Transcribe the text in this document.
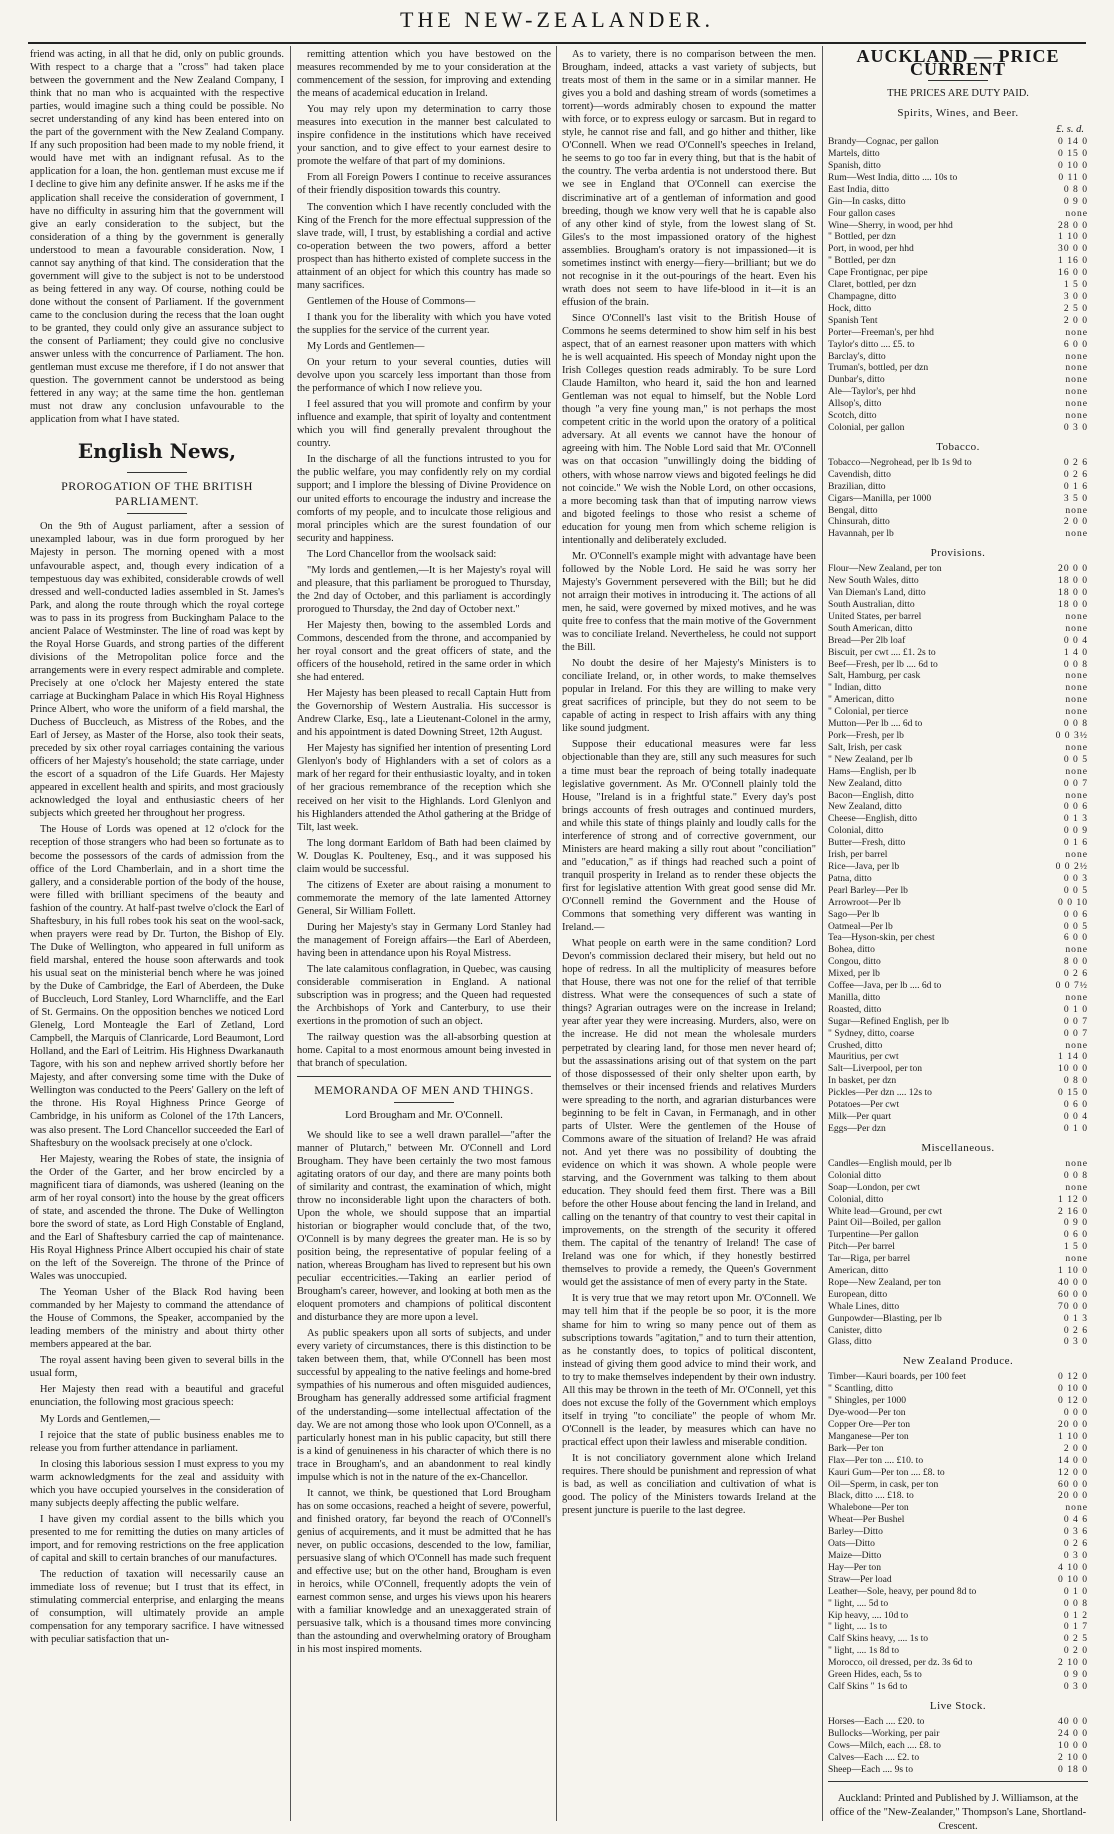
THE NEW-ZEALANDER.

friend was acting, in all that he did, only on public grounds. With respect to a charge that a "cross" had taken place between the government and the New Zealand Company, I think that no man who is acquainted with the respective parties, would imagine such a thing could be possible. No secret understanding of any kind has been entered into on the part of the government with the New Zealand Company. If any such proposition had been made to my noble friend, it would have met with an indignant refusal. As to the application for a loan, the hon. gentleman must excuse me if I decline to give him any definite answer. If he asks me if the application shall receive the consideration of government, I have no difficulty in assuring him that the government will give an early consideration to the subject, but the consideration of a thing by the government is generally understood to mean a favourable consideration. Now, I cannot say anything of that kind. The consideration that the government will give to the subject is not to be understood as being fettered in any way. Of course, nothing could be done without the consent of Parliament. If the government came to the conclusion during the recess that the loan ought to be granted, they could only give an assurance subject to the consent of Parliament; they could give no conclusive answer unless with the concurrence of Parliament. The hon. gentleman must excuse me therefore, if I do not answer that question. The government cannot be understood as being fettered in any way; at the same time the hon. gentleman must not draw any conclusion unfavourable to the application from what I have stated.

English News,
PROROGATION OF THE BRITISH PARLIAMENT.

On the 9th of August parliament, after a session of unexampled labour, was in due form prorogued by her Majesty in person. The morning opened with a most unfavourable aspect, and, though every indication of a tempestuous day was exhibited, considerable crowds of well dressed and well-conducted ladies assembled in St. James's Park, and along the route through which the royal cortege was to pass in its progress from Buckingham Palace to the ancient Palace of Westminster. The line of road was kept by the Royal Horse Guards, and strong parties of the different divisions of the Metropolitan police force and the arrangements were in every respect admirable and complete. Precisely at one o'clock her Majesty entered the state carriage at Buckingham Palace in which His Royal Highness Prince Albert, who wore the uniform of a field marshal, the Duchess of Buccleuch, as Mistress of the Robes, and the Earl of Jersey, as Master of the Horse, also took their seats, preceded by six other royal carriages containing the various officers of her Majesty's household; the state carriage, under the escort of a squadron of the Life Guards. Her Majesty appeared in excellent health and spirits, and most graciously acknowledged the loyal and enthusiastic cheers of her subjects which greeted her throughout her progress.

The House of Lords was opened at 12 o'clock for the reception of those strangers who had been so fortunate as to become the possessors of the cards of admission from the office of the Lord Chamberlain, and in a short time the gallery, and a considerable portion of the body of the house, were filled with brilliant specimens of the beauty and fashion of the country. At half-past twelve o'clock the Earl of Shaftesbury, in his full robes took his seat on the wool-sack, when prayers were read by Dr. Turton, the Bishop of Ely. The Duke of Wellington, who appeared in full uniform as field marshal, entered the house soon afterwards and took his usual seat on the ministerial bench where he was joined by the Duke of Cambridge, the Earl of Aberdeen, the Duke of Buccleuch, Lord Stanley, Lord Wharncliffe, and the Earl of St. Germains. On the opposition benches we noticed Lord Glenelg, Lord Monteagle the Earl of Zetland, Lord Campbell, the Marquis of Clanricarde, Lord Beaumont, Lord Holland, and the Earl of Leitrim. His Highness Dwarkanauth Tagore, with his son and nephew arrived shortly before her Majesty, and after conversing some time with the Duke of Wellington was conducted to the Peers' Gallery on the left of the throne. His Royal Highness Prince George of Cambridge, in his uniform as Colonel of the 17th Lancers, was also present. The Lord Chancellor succeeded the Earl of Shaftesbury on the woolsack precisely at one o'clock.

Her Majesty, wearing the Robes of state, the insignia of the Order of the Garter, and her brow encircled by a magnificent tiara of diamonds, was ushered (leaning on the arm of her royal consort) into the house by the great officers of state, and ascended the throne. The Duke of Wellington bore the sword of state, as Lord High Constable of England, and the Earl of Shaftesbury carried the cap of maintenance. His Royal Highness Prince Albert occupied his chair of state on the left of the Sovereign. The throne of the Prince of Wales was unoccupied.

The Yeoman Usher of the Black Rod having been commanded by her Majesty to command the attendance of the House of Commons, the Speaker, accompanied by the leading members of the ministry and about thirty other members appeared at the bar.

The royal assent having been given to several bills in the usual form,

Her Majesty then read with a beautiful and graceful enunciation, the following most gracious speech:

My Lords and Gentlemen,—

I rejoice that the state of public business enables me to release you from further attendance in parliament.

In closing this laborious session I must express to you my warm acknowledgments for the zeal and assiduity with which you have occupied yourselves in the consideration of many subjects deeply affecting the public welfare.

I have given my cordial assent to the bills which you presented to me for remitting the duties on many articles of import, and for removing restrictions on the free application of capital and skill to certain branches of our manufactures.

The reduction of taxation will necessarily cause an immediate loss of revenue; but I trust that its effect, in stimulating commercial enterprise, and enlarging the means of consumption, will ultimately provide an ample compensation for any temporary sacrifice. I have witnessed with peculiar satisfaction that un-

remitting attention which you have bestowed on the measures recommended by me to your consideration at the commencement of the session, for improving and extending the means of academical education in Ireland.

You may rely upon my determination to carry those measures into execution in the manner best calculated to inspire confidence in the institutions which have received your sanction, and to give effect to your earnest desire to promote the welfare of that part of my dominions.

From all Foreign Powers I continue to receive assurances of their friendly disposition towards this country.

The convention which I have recently concluded with the King of the French for the more effectual suppression of the slave trade, will, I trust, by establishing a cordial and active co-operation between the two powers, afford a better prospect than has hitherto existed of complete success in the attainment of an object for which this country has made so many sacrifices.

Gentlemen of the House of Commons—

I thank you for the liberality with which you have voted the supplies for the service of the current year.

My Lords and Gentlemen—

On your return to your several counties, duties will devolve upon you scarcely less important than those from the performance of which I now relieve you.

I feel assured that you will promote and confirm by your influence and example, that spirit of loyalty and contentment which you will find generally prevalent throughout the country.

In the discharge of all the functions intrusted to you for the public welfare, you may confidently rely on my cordial support; and I implore the blessing of Divine Providence on our united efforts to encourage the industry and increase the comforts of my people, and to inculcate those religious and moral principles which are the surest foundation of our security and happiness.

The Lord Chancellor from the woolsack said:

"My lords and gentlemen,—It is her Majesty's royal will and pleasure, that this parliament be prorogued to Thursday, the 2nd day of October, and this parliament is accordingly prorogued to Thursday, the 2nd day of October next."

Her Majesty then, bowing to the assembled Lords and Commons, descended from the throne, and accompanied by her royal consort and the great officers of state, and the officers of the household, retired in the same order in which she had entered.

Her Majesty has been pleased to recall Captain Hutt from the Governorship of Western Australia. His successor is Andrew Clarke, Esq., late a Lieutenant-Colonel in the army, and his appointment is dated Downing Street, 12th August.

Her Majesty has signified her intention of presenting Lord Glenlyon's body of Highlanders with a set of colors as a mark of her regard for their enthusiastic loyalty, and in token of her gracious remembrance of the reception which she received on her visit to the Highlands. Lord Glenlyon and his Highlanders attended the Athol gathering at the Bridge of Tilt, last week.

The long dormant Earldom of Bath had been claimed by W. Douglas K. Poulteney, Esq., and it was supposed his claim would be successful.

The citizens of Exeter are about raising a monument to commemorate the memory of the late lamented Attorney General, Sir William Follett.

During her Majesty's stay in Germany Lord Stanley had the management of Foreign affairs—the Earl of Aberdeen, having been in attendance upon his Royal Mistress.

The late calamitous conflagration, in Quebec, was causing considerable commiseration in England. A national subscription was in progress; and the Queen had requested the Archbishops of York and Canterbury, to use their exertions in the promotion of such an object.

The railway question was the all-absorbing question at home. Capital to a most enormous amount being invested in that branch of speculation.

MEMORANDA OF MEN AND THINGS.
Lord Brougham and Mr. O'Connell.

We should like to see a well drawn parallel—"after the manner of Plutarch," between Mr. O'Connell and Lord Brougham. They have been certainly the two most famous agitating orators of our day, and there are many points both of similarity and contrast, the examination of which, might throw no inconsiderable light upon the characters of both. Upon the whole, we should suppose that an impartial historian or biographer would conclude that, of the two, O'Connell is by many degrees the greater man. He is so by position being, the representative of popular feeling of a nation, whereas Brougham has lived to represent but his own peculiar eccentricities.—Taking an earlier period of Brougham's career, however, and looking at both men as the eloquent promoters and champions of political discontent and disturbance they are more upon a level.

As public speakers upon all sorts of subjects, and under every variety of circumstances, there is this distinction to be taken between them, that, while O'Connell has been most successful by appealing to the native feelings and home-bred sympathies of his numerous and often misguided audiences, Brougham has generally addressed some artificial fragment of the understanding—some intellectual affectation of the day. We are not among those who look upon O'Connell, as a particularly honest man in his public capacity, but still there is a kind of genuineness in his character of which there is no trace in Brougham's, and an abandonment to real kindly impulse which is not in the nature of the ex-Chancellor.

It cannot, we think, be questioned that Lord Brougham has on some occasions, reached a height of severe, powerful, and finished oratory, far beyond the reach of O'Connell's genius of acquirements, and it must be admitted that he has never, on public occasions, descended to the low, familiar, persuasive slang of which O'Connell has made such frequent and effective use; but on the other hand, Brougham is even in heroics, while O'Connell, frequently adopts the vein of earnest common sense, and urges his views upon his hearers with a familiar knowledge and an unexaggerated strain of persuasive talk, which is a thousand times more convincing than the astounding and overwhelming oratory of Brougham in his most inspired moments.

As to variety, there is no comparison between the men. Brougham, indeed, attacks a vast variety of subjects, but treats most of them in the same or in a similar manner. He gives you a bold and dashing stream of words (sometimes a torrent)—words admirably chosen to expound the matter with force, or to express eulogy or sarcasm. But in regard to style, he cannot rise and fall, and go hither and thither, like O'Connell. When we read O'Connell's speeches in Ireland, he seems to go too far in every thing, but that is the habit of the country. The verba ardentia is not understood there. But we see in England that O'Connell can exercise the discriminative art of a gentleman of information and good breeding, though we know very well that he is capable also of any other kind of style, from the lowest slang of St. Giles's to the most impassioned oratory of the highest assemblies. Brougham's oratory is not impassioned—it is sometimes instinct with energy—fiery—brilliant; but we do not recognise in it the out-pourings of the heart. Even his wrath does not seem to have life-blood in it—it is an effusion of the brain.

Since O'Connell's last visit to the British House of Commons he seems determined to show him self in his best aspect, that of an earnest reasoner upon matters with which he is well acquainted. His speech of Monday night upon the Irish Colleges question reads admirably. To be sure Lord Claude Hamilton, who heard it, said the hon and learned Gentleman was not equal to himself, but the Noble Lord though "a very fine young man," is not perhaps the most competent critic in the world upon the oratory of a political adversary. At all events we cannot have the honour of agreeing with him. The Noble Lord said that Mr. O'Connell was on that occasion "unwillingly doing the bidding of others, with whose narrow views and bigoted feelings he did not coincide." We wish the Noble Lord, on other occasions, a more becoming task than that of imputing narrow views and bigoted feelings to those who resist a scheme of education for young men from which scheme religion is intentionally and deliberately excluded.

Mr. O'Connell's example might with advantage have been followed by the Noble Lord. He said he was sorry her Majesty's Government persevered with the Bill; but he did not arraign their motives in introducing it. The actions of all men, he said, were governed by mixed motives, and he was quite free to confess that the main motive of the Government was to conciliate Ireland. Nevertheless, he could not support the Bill.

No doubt the desire of her Majesty's Ministers is to conciliate Ireland, or, in other words, to make themselves popular in Ireland. For this they are willing to make very great sacrifices of principle, but they do not seem to be capable of acting in respect to Irish affairs with any thing like sound judgment.

Suppose their educational measures were far less objectionable than they are, still any such measures for such a time must bear the reproach of being totally inadequate legislative government. As Mr. O'Connell plainly told the House, "Ireland is in a frightful state." Every day's post brings accounts of fresh outrages and continued murders, and while this state of things plainly and loudly calls for the interference of strong and of corrective government, our Ministers are heard making a silly rout about "conciliation" and "education," as if things had reached such a point of tranquil prosperity in Ireland as to render these objects the first for legislative attention With great good sense did Mr. O'Connell remind the Government and the House of Commons that something very different was wanting in Ireland.—

What people on earth were in the same condition? Lord Devon's commission declared their misery, but held out no hope of redress. In all the multiplicity of measures before that House, there was not one for the relief of that terrible distress. What were the consequences of such a state of things? Agrarian outrages were on the increase in Ireland; year after year they were increasing. Murders, also, were on the increase. He did not mean the wholesale murders perpetrated by clearing land, for those men never heard of; but the assassinations arising out of that system on the part of those dispossessed of their only shelter upon earth, by themselves or their incensed friends and relatives Murders were spreading to the north, and agrarian disturbances were beginning to be felt in Cavan, in Fermanagh, and in other parts of Ulster. Were the gentlemen of the House of Commons aware of the situation of Ireland? He was afraid not. And yet there was no possibility of doubting the evidence on which it was shown. A whole people were starving, and the Government was talking to them about education. They should feed them first. There was a Bill before the other House about fencing the land in Ireland, and calling on the tenantry of that country to vest their capital in improvements, on the strength of the security it offered them. The capital of the tenantry of Ireland! The case of Ireland was one for which, if they honestly bestirred themselves to provide a remedy, the Queen's Government would get the assistance of men of every party in the State.

It is very true that we may retort upon Mr. O'Connell. We may tell him that if the people be so poor, it is the more shame for him to wring so many pence out of them as subscriptions towards "agitation," and to turn their attention, as he constantly does, to topics of political discontent, instead of giving them good advice to mind their work, and to try to make themselves independent by their own industry. All this may be thrown in the teeth of Mr. O'Connell, yet this does not excuse the folly of the Government which employs itself in trying "to conciliate" the people of whom Mr. O'Connell is the leader, by measures which can have no practical effect upon their lawless and miserable condition.

It is not conciliatory government alone which Ireland requires. There should be punishment and repression of what is bad, as well as conciliation and cultivation of what is good. The policy of the Ministers towards Ireland at the present juncture is puerile to the last degree.

AUCKLAND — PRICE CURRENT
THE PRICES ARE DUTY PAID.
Spirits, Wines, and Beer.
£. s. d.
Brandy—Cognac, per gallon	0 14 0
Martels, ditto	0 15 0
Spanish, ditto	0 10 0
Rum—West India, ditto .... 10s to	0 11 0
East India, ditto	0 8 0
Gin—In casks, ditto	0 9 0
Four gallon cases	none
Wine—Sherry, in wood, per hhd	28 0 0
" Bottled, per dzn	1 10 0
Port, in wood, per hhd	30 0 0
" Bottled, per dzn	1 16 0
Cape Frontignac, per pipe	16 0 0
Claret, bottled, per dzn	1 5 0
Champagne, ditto	3 0 0
Hock, ditto	2 5 0
Spanish Tent	2 0 0
Porter—Freeman's, per hhd	none
Taylor's ditto .... £5. to	6 0 0
Barclay's, ditto	none
Truman's, bottled, per dzn	none
Dunbar's, ditto	none
Ale—Taylor's, per hhd	none
Allsop's, ditto	none
Scotch, ditto	none
Colonial, per gallon	0 3 0
Tobacco.
Tobacco—Negrohead, per lb 1s 9d to	0 2 6
Cavendish, ditto	0 2 6
Brazilian, ditto	0 1 6
Cigars—Manilla, per 1000	3 5 0
Bengal, ditto	none
Chinsurah, ditto	2 0 0
Havannah, per lb	none
Provisions.
Flour—New Zealand, per ton	20 0 0
New South Wales, ditto	18 0 0
Van Dieman's Land, ditto	18 0 0
South Australian, ditto	18 0 0
United States, per barrel	none
South American, ditto	none
Bread—Per 2lb loaf	0 0 4
Biscuit, per cwt .... £1. 2s to	1 4 0
Beef—Fresh, per lb .... 6d to	0 0 8
Salt, Hamburg, per cask	none
" Indian, ditto	none
" American, ditto	none
" Colonial, per tierce	none
Mutton—Per lb .... 6d to	0 0 8
Pork—Fresh, per lb	0 0 3½
Salt, Irish, per cask	none
" New Zealand, per lb	0 0 5
Hams—English, per lb	none
New Zealand, ditto	0 0 7
Bacon—English, ditto	none
New Zealand, ditto	0 0 6
Cheese—English, ditto	0 1 3
Colonial, ditto	0 0 9
Butter—Fresh, ditto	0 1 6
Irish, per barrel	none
Rice—Java, per lb	0 0 2½
Patna, ditto	0 0 3
Pearl Barley—Per lb	0 0 5
Arrowroot—Per lb	0 0 10
Sago—Per lb	0 0 6
Oatmeal—Per lb	0 0 5
Tea—Hyson-skin, per chest	6 0 0
Bohea, ditto	none
Congou, ditto	8 0 0
Mixed, per lb	0 2 6
Coffee—Java, per lb .... 6d to	0 0 7½
Manilla, ditto	none
Roasted, ditto	0 1 0
Sugar—Refined English, per lb	0 0 7
" Sydney, ditto, coarse	0 0 7
Crushed, ditto	none
Mauritius, per cwt	1 14 0
Salt—Liverpool, per ton	10 0 0
In basket, per dzn	0 8 0
Pickles—Per dzn .... 12s to	0 15 0
Potatoes—Per cwt	0 6 0
Milk—Per quart	0 0 4
Eggs—Per dzn	0 1 0
Miscellaneous.
Candles—English mould, per lb	none
Colonial ditto	0 0 8
Soap—London, per cwt	none
Colonial, ditto	1 12 0
White lead—Ground, per cwt	2 16 0
Paint Oil—Boiled, per gallon	0 9 0
Turpentine—Per gallon	0 6 0
Pitch—Per barrel	1 5 0
Tar—Riga, per barrel	none
American, ditto	1 10 0
Rope—New Zealand, per ton	40 0 0
European, ditto	60 0 0
Whale Lines, ditto	70 0 0
Gunpowder—Blasting, per lb	0 1 3
Canister, ditto	0 2 6
Glass, ditto	0 3 0
New Zealand Produce.
Timber—Kauri boards, per 100 feet	0 12 0
" Scantling, ditto	0 10 0
" Shingles, per 1000	0 12 0
Dye-wood—Per ton	0 0 0
Copper Ore—Per ton	20 0 0
Manganese—Per ton	1 10 0
Bark—Per ton	2 0 0
Flax—Per ton .... £10. to	14 0 0
Kauri Gum—Per ton .... £8. to	12 0 0
Oil—Sperm, in cask, per ton	60 0 0
Black, ditto .... £18. to	20 0 0
Whalebone—Per ton	none
Wheat—Per Bushel	0 4 6
Barley—Ditto	0 3 6
Oats—Ditto	0 2 6
Maize—Ditto	0 3 0
Hay—Per ton	4 10 0
Straw—Per load	0 10 0
Leather—Sole, heavy, per pound 8d to	0 1 0
" light, .... 5d to	0 0 8
Kip heavy, .... 10d to	0 1 2
" light, .... 1s to	0 1 7
Calf Skins heavy, .... 1s to	0 2 5
" light, .... 1s 8d to	0 2 0
Morocco, oil dressed, per dz. 3s 6d to	2 10 0
Green Hides, each, 5s to	0 9 0
Calf Skins " 1s 6d to	0 3 0
Live Stock.
Horses—Each .... £20. to	40 0 0
Bullocks—Working, per pair	24 0 0
Cows—Milch, each .... £8. to	10 0 0
Calves—Each .... £2. to	2 10 0
Sheep—Each .... 9s to	0 18 0
Auckland: Printed and Published by J. Williamson, at the office of the "New-Zealander," Thompson's Lane, Shortland-Crescent.
